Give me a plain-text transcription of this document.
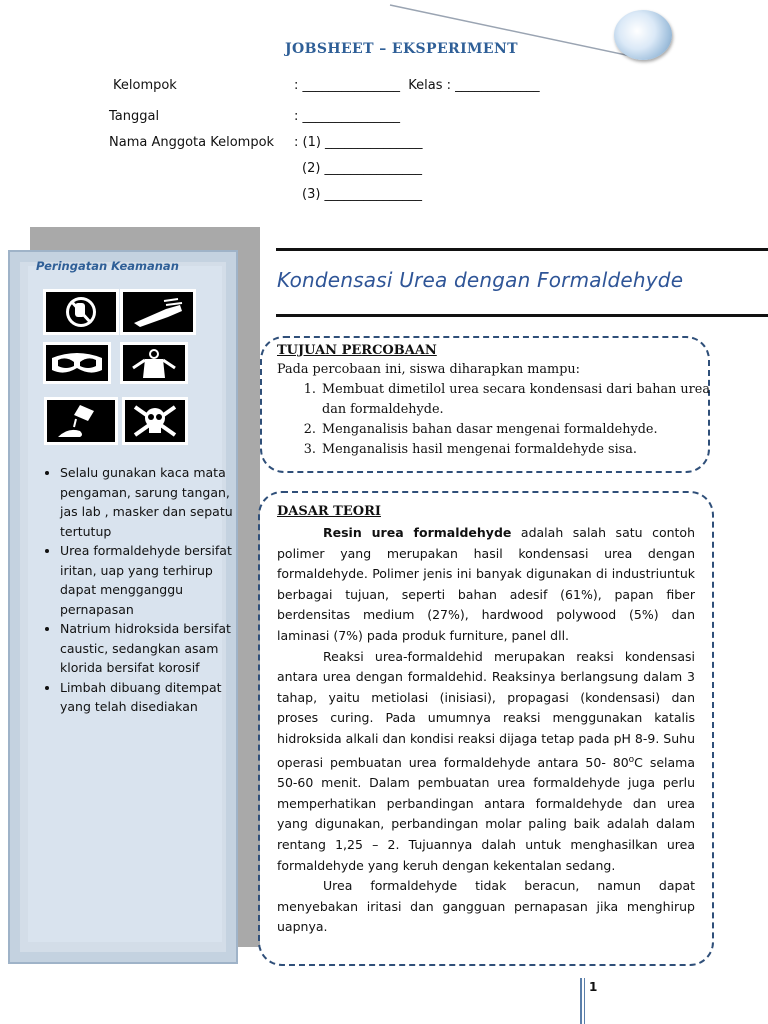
JOBSHEET – EKSPERIMENT
Kelompok	: _______________  Kelas : _____________
Tanggal	: _______________
Nama Anggota Kelompok : (1) _______________
(2) _______________
(3) _______________
Peringatan Keamanan
• Selalu gunakan kaca mata pengaman, sarung tangan, jas lab , masker dan sepatu tertutup
• Urea formaldehyde bersifat iritan, uap yang terhirup dapat mengganggu pernapasan
• Natrium hidroksida bersifat caustic, sedangkan asam klorida bersifat korosif
• Limbah dibuang ditempat yang telah disediakan
Kondensasi Urea dengan Formaldehyde
TUJUAN PERCOBAAN
Pada percobaan ini, siswa diharapkan mampu:
1. Membuat dimetilol urea secara kondensasi dari bahan urea dan formaldehyde.
2. Menganalisis bahan dasar mengenai formaldehyde.
3. Menganalisis hasil mengenai formaldehyde sisa.
DASAR TEORI

Resin urea formaldehyde adalah salah satu contoh polimer yang merupakan hasil kondensasi urea dengan formaldehyde. Polimer jenis ini banyak digunakan di industriuntuk berbagai tujuan, seperti bahan adesif (61%), papan fiber berdensitas medium (27%), hardwood polywood (5%) dan laminasi (7%) pada produk furniture, panel dll.

Reaksi urea-formaldehid merupakan reaksi kondensasi antara urea dengan formaldehid. Reaksinya berlangsung dalam 3 tahap, yaitu metiolasi (inisiasi), propagasi (kondensasi) dan proses curing. Pada umumnya reaksi menggunakan katalis hidroksida alkali dan kondisi reaksi dijaga tetap pada pH 8-9. Suhu operasi pembuatan urea formaldehyde antara 50- 80$^o$C selama 50-60 menit. Dalam pembuatan urea formaldehyde juga perlu memperhatikan perbandingan antara formaldehyde dan urea yang digunakan, perbandingan molar paling baik adalah dalam rentang 1,25 – 2. Tujuannya dalah untuk menghasilkan urea formaldehyde yang keruh dengan kekentalan sedang.

Urea formaldehyde tidak beracun, namun dapat menyebakan iritasi dan gangguan pernapasan jika menghirup uapnya.

1
